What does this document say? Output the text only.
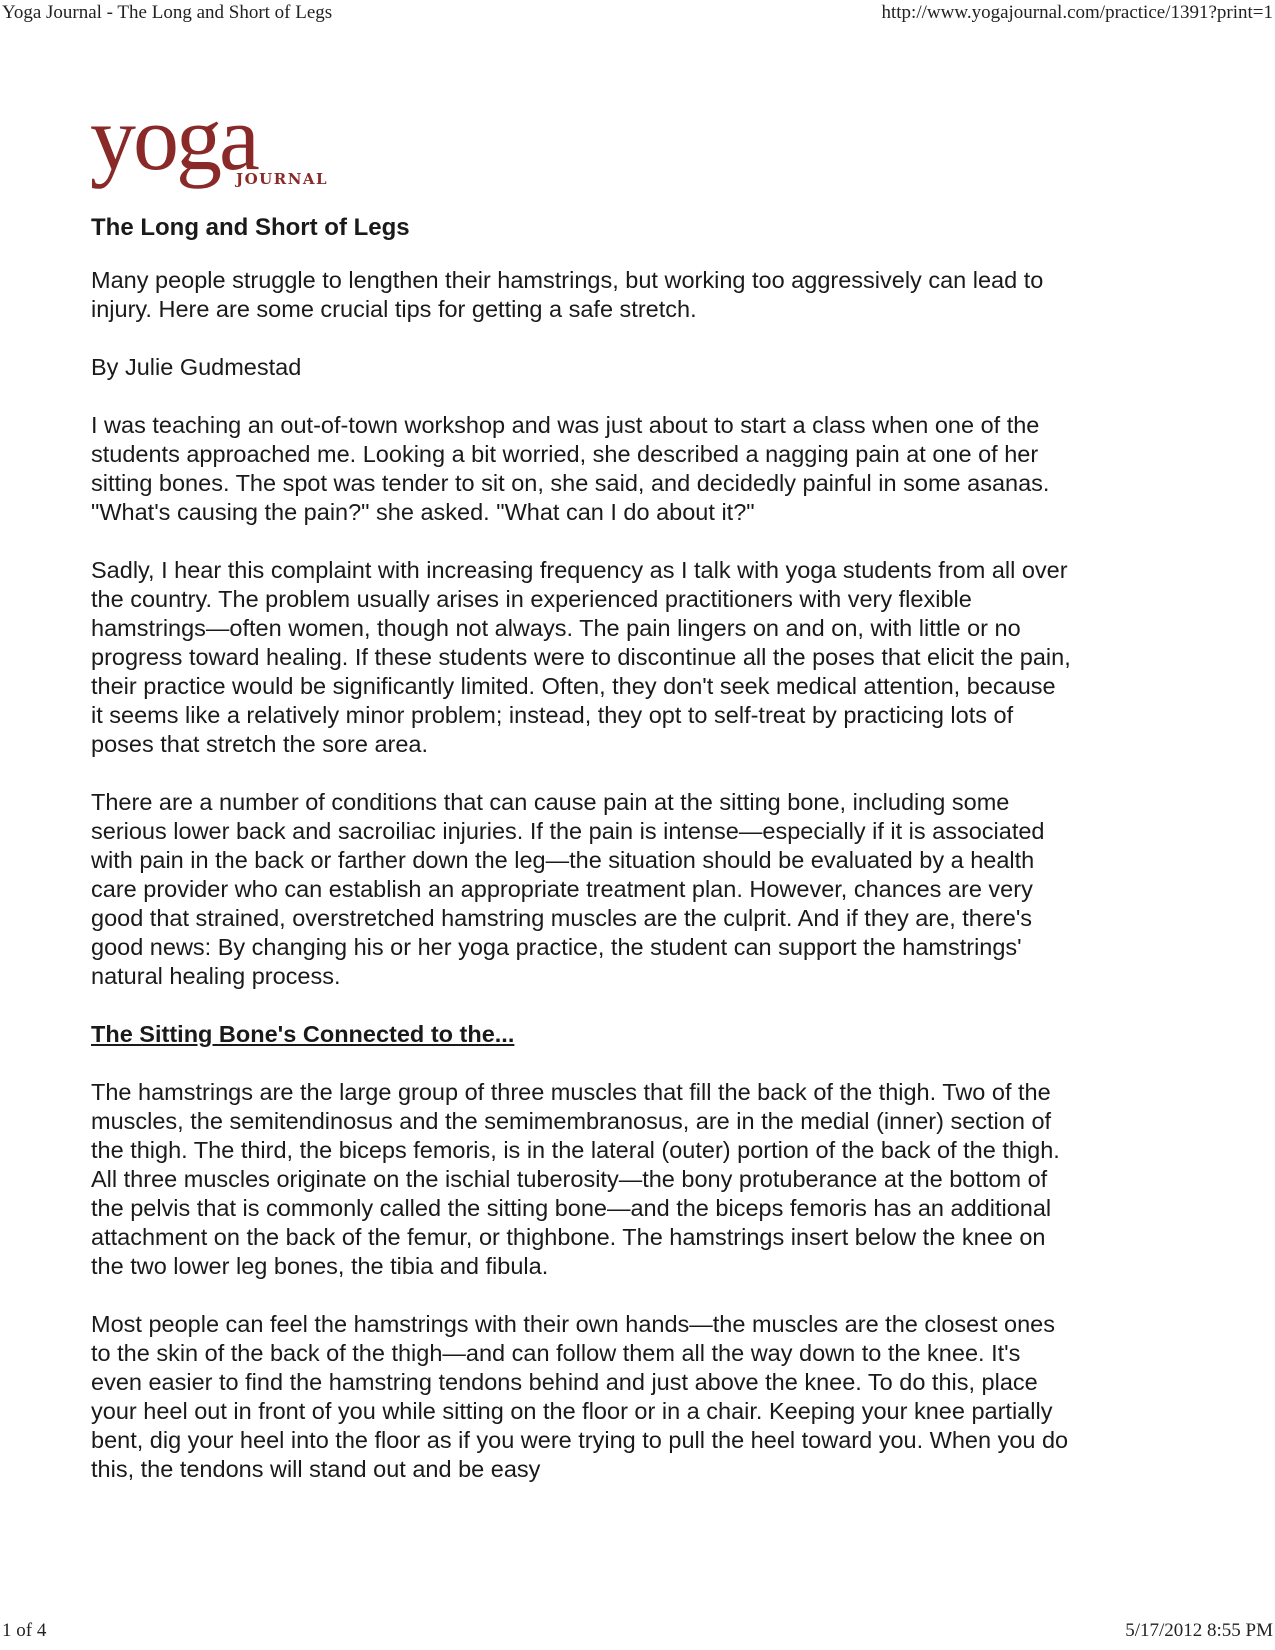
Yoga Journal - The Long and Short of Legs	http://www.yogajournal.com/practice/1391?print=1
yoga
JOURNAL
The Long and Short of Legs

Many people struggle to lengthen their hamstrings, but working too aggressively can lead to injury. Here are some crucial tips for getting a safe stretch.

By Julie Gudmestad

I was teaching an out-of-town workshop and was just about to start a class when one of the students approached me. Looking a bit worried, she described a nagging pain at one of her sitting bones. The spot was tender to sit on, she said, and decidedly painful in some asanas. "What's causing the pain?" she asked. "What can I do about it?"

Sadly, I hear this complaint with increasing frequency as I talk with yoga students from all over the country. The problem usually arises in experienced practitioners with very flexible hamstrings—often women, though not always. The pain lingers on and on, with little or no progress toward healing. If these students were to discontinue all the poses that elicit the pain, their practice would be significantly limited. Often, they don't seek medical attention, because it seems like a relatively minor problem; instead, they opt to self-treat by practicing lots of poses that stretch the sore area.

There are a number of conditions that can cause pain at the sitting bone, including some serious lower back and sacroiliac injuries. If the pain is intense—especially if it is associated with pain in the back or farther down the leg—the situation should be evaluated by a health care provider who can establish an appropriate treatment plan. However, chances are very good that strained, overstretched hamstring muscles are the culprit. And if they are, there's good news: By changing his or her yoga practice, the student can support the hamstrings' natural healing process.

The Sitting Bone's Connected to the...

The hamstrings are the large group of three muscles that fill the back of the thigh. Two of the muscles, the semitendinosus and the semimembranosus, are in the medial (inner) section of the thigh. The third, the biceps femoris, is in the lateral (outer) portion of the back of the thigh. All three muscles originate on the ischial tuberosity—the bony protuberance at the bottom of the pelvis that is commonly called the sitting bone—and the biceps femoris has an additional attachment on the back of the femur, or thighbone. The hamstrings insert below the knee on the two lower leg bones, the tibia and fibula.

Most people can feel the hamstrings with their own hands—the muscles are the closest ones to the skin of the back of the thigh—and can follow them all the way down to the knee. It's even easier to find the hamstring tendons behind and just above the knee. To do this, place your heel out in front of you while sitting on the floor or in a chair. Keeping your knee partially bent, dig your heel into the floor as if you were trying to pull the heel toward you. When you do this, the tendons will stand out and be easy

1 of 4	5/17/2012 8:55 PM
